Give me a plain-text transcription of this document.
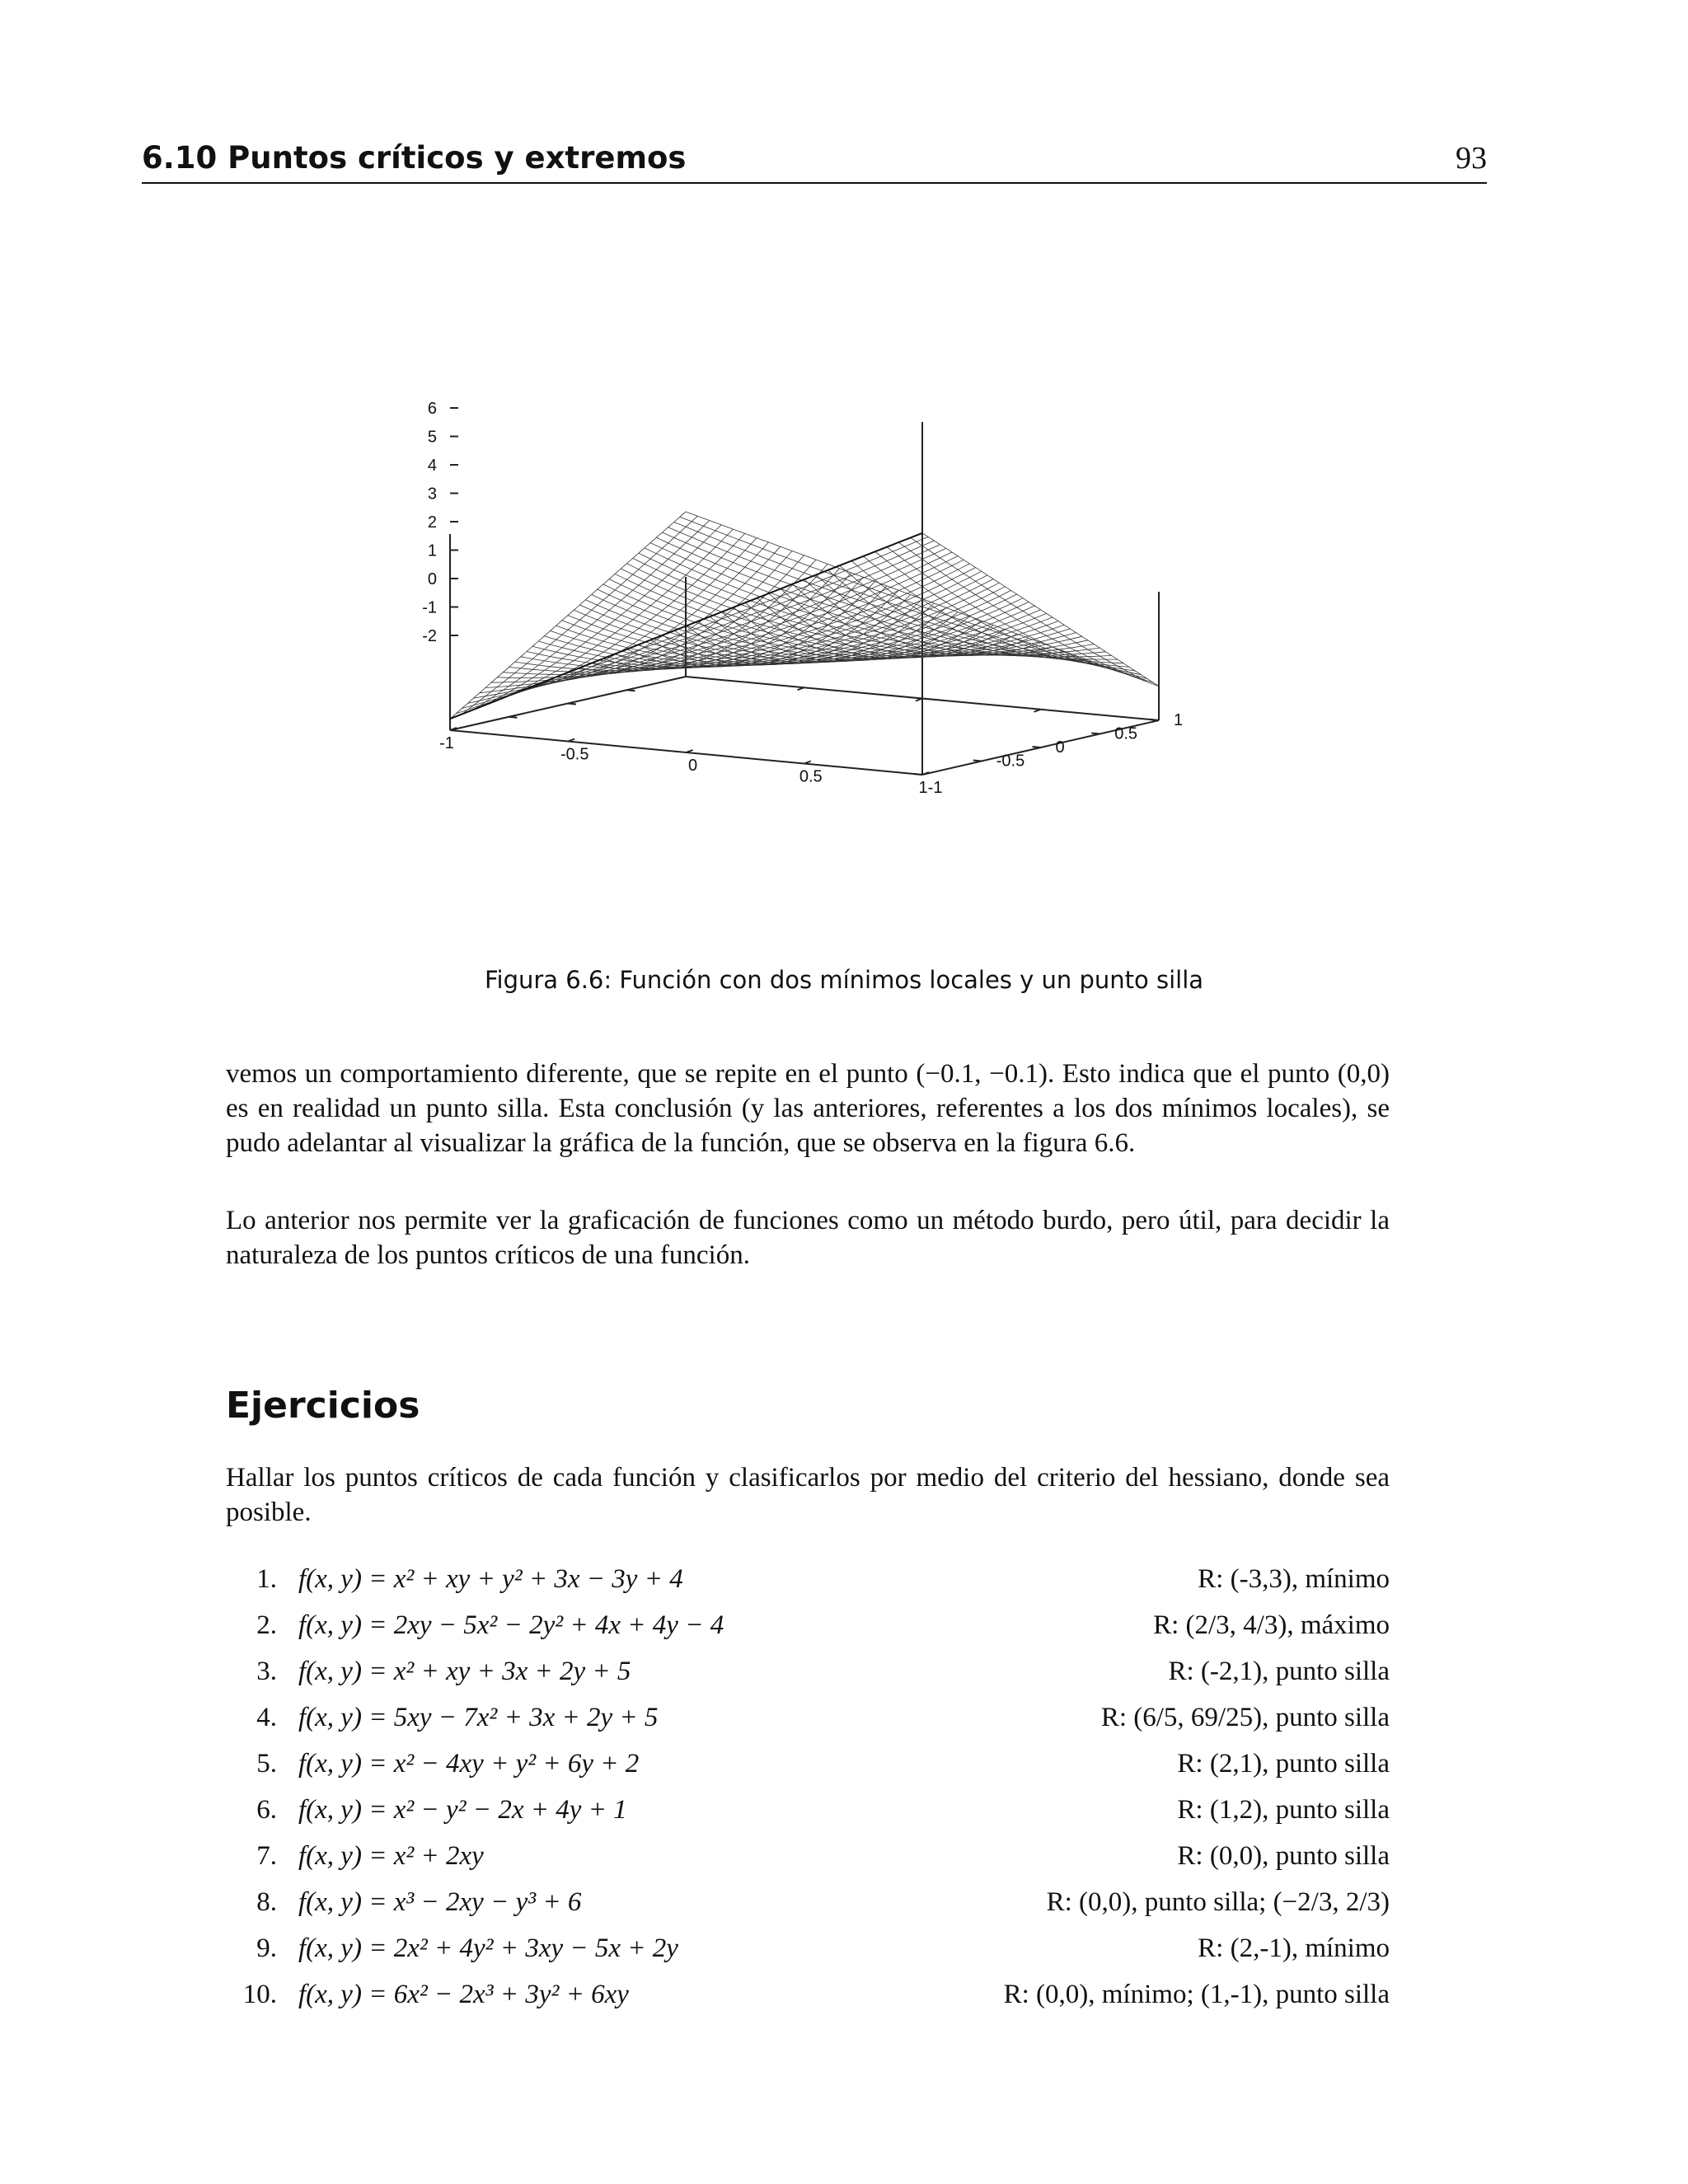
6.10 Puntos críticos y extremos	93
6
5
4
3
2
1
0
-1
-2
-1
-0.5
0
0.5
1-1
-0.5
0
0.5
1
Figura 6.6: Función con dos mínimos locales y un punto silla

vemos un comportamiento diferente, que se repite en el punto (−0.1, −0.1). Esto indica que el punto (0,0) es en realidad un punto silla. Esta conclusión (y las anteriores, referentes a los dos mínimos locales), se pudo adelantar al visualizar la gráfica de la función, que se observa en la figura 6.6.

Lo anterior nos permite ver la graficación de funciones como un método burdo, pero útil, para decidir la naturaleza de los puntos críticos de una función.

Ejercicios

Hallar los puntos críticos de cada función y clasificarlos por medio del criterio del hessiano, donde sea posible.

1. f(x, y) = x² + xy + y² + 3x − 3y + 4	R: (-3,3), mínimo
2. f(x, y) = 2xy − 5x² − 2y² + 4x + 4y − 4	R: (2/3, 4/3), máximo
3. f(x, y) = x² + xy + 3x + 2y + 5	R: (-2,1), punto silla
4. f(x, y) = 5xy − 7x² + 3x + 2y + 5	R: (6/5, 69/25), punto silla
5. f(x, y) = x² − 4xy + y² + 6y + 2	R: (2,1), punto silla
6. f(x, y) = x² − y² − 2x + 4y + 1	R: (1,2), punto silla
7. f(x, y) = x² + 2xy	R: (0,0), punto silla
8. f(x, y) = x³ − 2xy − y³ + 6	R: (0,0), punto silla; (−2/3, 2/3)
9. f(x, y) = 2x² + 4y² + 3xy − 5x + 2y	R: (2,-1), mínimo
10. f(x, y) = 6x² − 2x³ + 3y² + 6xy	R: (0,0), mínimo; (1,-1), punto silla
